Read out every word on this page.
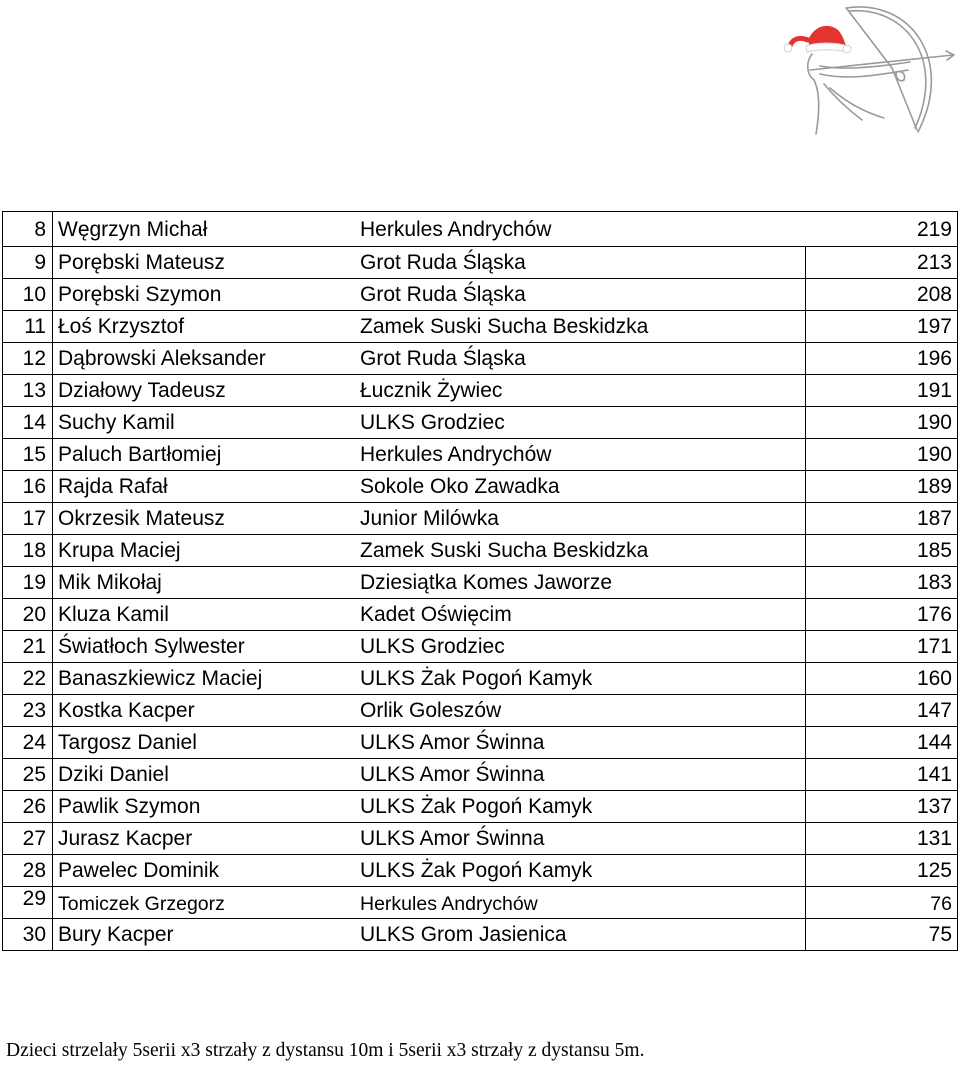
8	Węgrzyn Michał	Herkules Andrychów	219
9	Porębski Mateusz	Grot Ruda Śląska	213
10	Porębski Szymon	Grot Ruda Śląska	208
11	Łoś Krzysztof	Zamek Suski Sucha Beskidzka	197
12	Dąbrowski Aleksander	Grot Ruda Śląska	196
13	Działowy Tadeusz	Łucznik Żywiec	191
14	Suchy Kamil	ULKS Grodziec	190
15	Paluch Bartłomiej	Herkules Andrychów	190
16	Rajda Rafał	Sokole Oko Zawadka	189
17	Okrzesik Mateusz	Junior Milówka	187
18	Krupa Maciej	Zamek Suski Sucha Beskidzka	185
19	Mik Mikołaj	Dziesiątka Komes Jaworze	183
20	Kluza Kamil	Kadet Oświęcim	176
21	Światłoch Sylwester	ULKS Grodziec	171
22	Banaszkiewicz Maciej	ULKS Żak Pogoń Kamyk	160
23	Kostka Kacper	Orlik Goleszów	147
24	Targosz Daniel	ULKS Amor Świnna	144
25	Dziki Daniel	ULKS Amor Świnna	141
26	Pawlik Szymon	ULKS Żak Pogoń Kamyk	137
27	Jurasz Kacper	ULKS Amor Świnna	131
28	Pawelec Dominik	ULKS Żak Pogoń Kamyk	125
29	Tomiczek Grzegorz	Herkules Andrychów	76
30	Bury Kacper	ULKS Grom Jasienica	75
Dzieci strzelały 5serii x3 strzały z dystansu 10m i 5serii x3 strzały z dystansu 5m.
